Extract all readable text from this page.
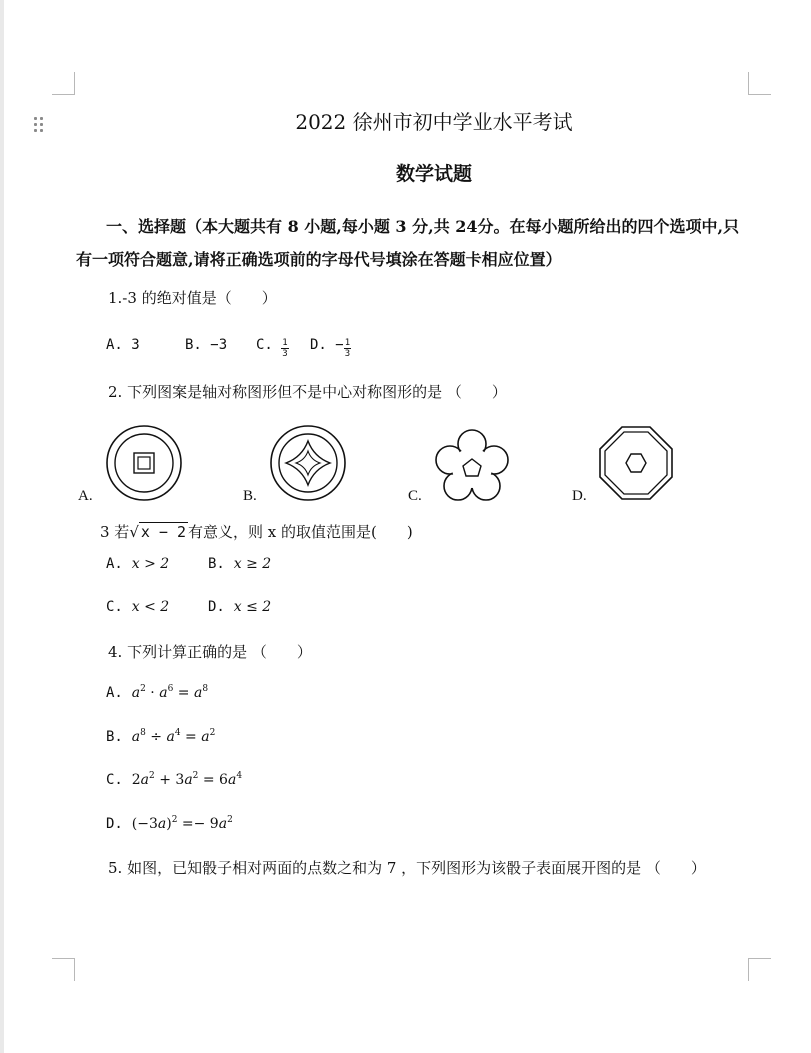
2022 徐州市初中学业水平考试
数学试题
一、选择题（本大题共有 8 小题,每小题 3 分,共 24分。在每小题所给出的四个选项中,只有一项符合题意,请将正确选项前的字母代号填涂在答题卡相应位置）
1.-3 的绝对值是（　　）
A. 3	B. −3 C. $\frac{1}{3} D$. − $\frac{1}{3}$
2. 下列图案是轴对称图形但不是中心对称图形的是 （　　）
A.	B.	C.	D.
3 若√ x − 2 有意义，则 x 的取值范围是(　　)
A. x > 2	B. x ≥ 2
C. x < 2	D. x ≤ 2
4. 下列计算正确的是 （　　）
A. $a^2 \cdot a^6 = a^8$
B. $a^8 \div a^4 = a^2$
C.  $2a^2 + 3a^2 = 6a^4$
D.  $(-3a)^2 =- 9a^2$
5. 如图，已知骰子相对两面的点数之和为 7 ，下列图形为该骰子表面展开图的是 （　　）
